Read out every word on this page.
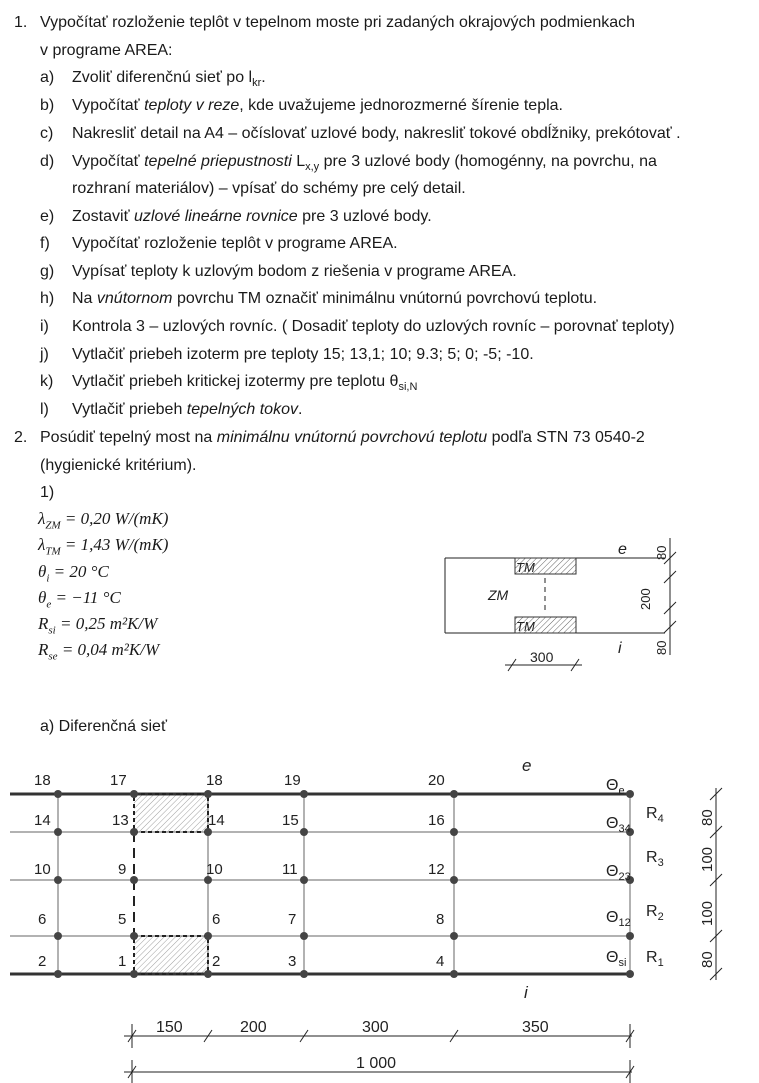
1. Vypočítať rozloženie teplôt v tepelnom moste pri zadaných okrajových podmienkach
v programe AREA:
a) Zvoliť diferenčnú sieť po $l_{kr}$.
b) Vypočítať teploty v reze, kde uvažujeme jednorozmerné šírenie tepla.
c) Nakresliť detail na A4 – očíslovať uzlové body, nakresliť tokové obdĺžniky, prekótovať .
d) Vypočítať tepelné priepustnosti $L_{x,y}$ pre 3 uzlové body (homogénny, na povrchu, na
rozhraní materiálov) – vpísať do schémy pre celý detail.
e) Zostaviť uzlové lineárne rovnice pre 3 uzlové body.
f) Vypočítať rozloženie teplôt v programe AREA.
g) Vypísať teploty k uzlovým bodom z riešenia v programe AREA.
h) Na vnútornom povrchu TM označiť minimálnu vnútornú povrchovú teplotu.
i) Kontrola 3 – uzlových rovníc. ( Dosadiť teploty do uzlových rovníc – porovnať teploty)
j) Vytlačiť priebeh izoterm pre teploty 15; 13,1; 10; 9.3; 5; 0; -5; -10.
k) Vytlačiť priebeh kritickej izotermy pre teplotu $\theta_{si,N}$
l) Vytlačiť priebeh tepelných tokov.
2. Posúdiť tepelný most na minimálnu vnútornú povrchovú teplotu podľa STN 73 0540-2
(hygienické kritérium).
1)
$\lambda_{ZM} = 0,20$ W/(mK)
$\lambda_{TM} = 1,43$ W/(mK)
$\theta_i = 20$ °C
$\theta_e = -11$ °C
$R_{si} = 0,25$ m²K/W
$R_{se} = 0,04$ m²K/W
TM
TM
ZM
e
i
80
200
80
300
a) Diferenčná sieť
18	17	18	19	20
14	13	14	15	16
10	9	10	11	12
6	5	6	7	8
2	1	2	3	4
e
i
$\Theta_e$
$\Theta_{34}$
$\Theta_{23}$
$\Theta_{12}$
$\Theta_{si}$
$R_4$
$R_3$
$R_2$
$R_1$
80
100
100
80
150	200	300	350
1 000
